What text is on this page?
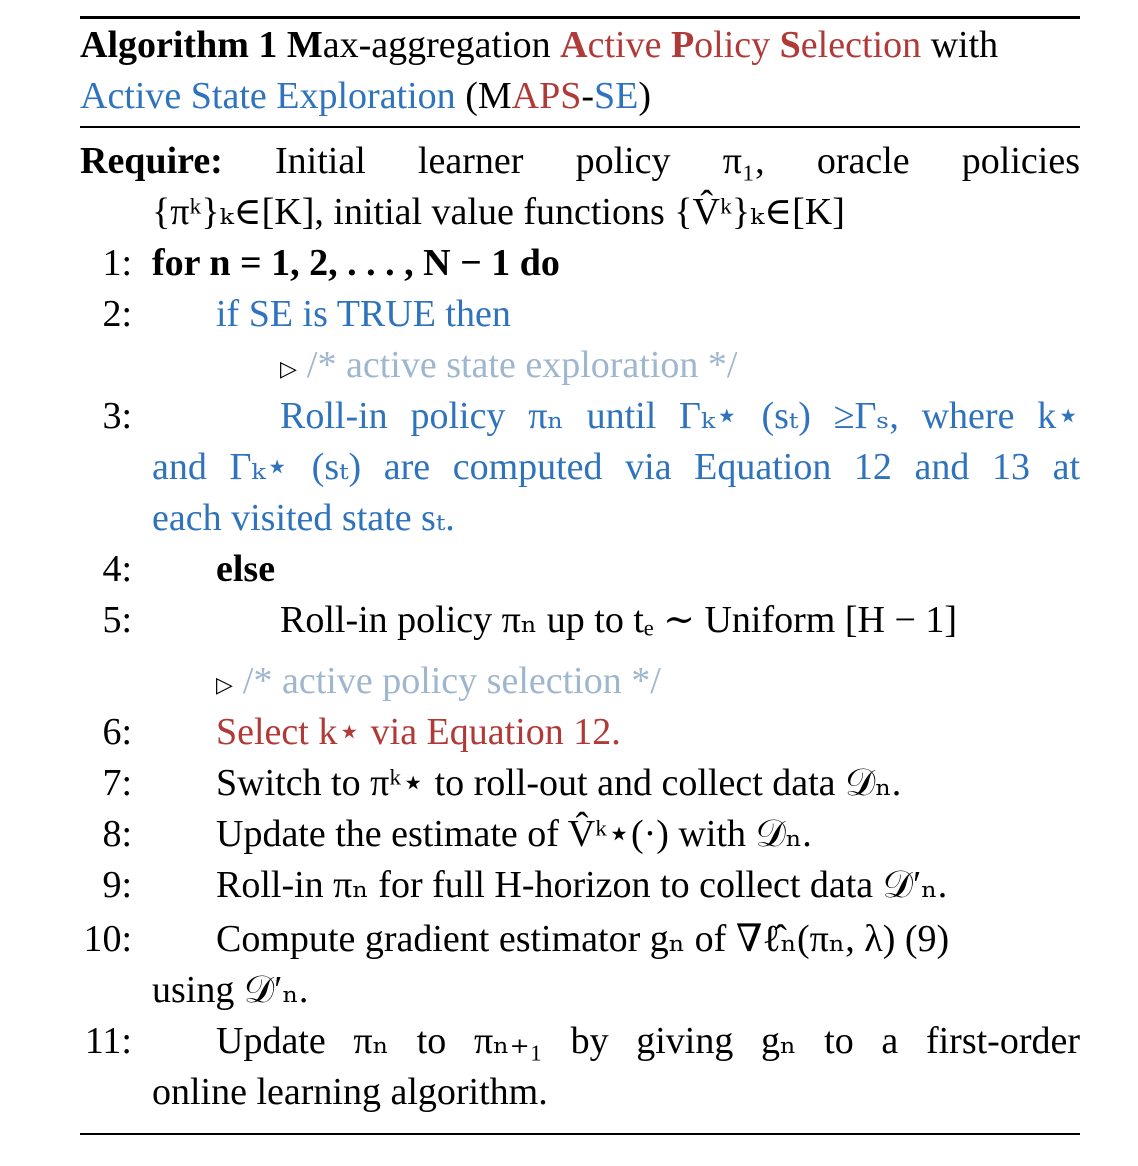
Algorithm 1 Max-aggregation Active Policy Selection with
Active State Exploration (MAPS-SE)
Require: Initial learner policy π₁, oracle policies
{πᵏ}ₖ∈[K], initial value functions {V̂ᵏ}ₖ∈[K]
1: for n = 1, 2, . . . , N − 1 do
2: if SE is TRUE then
▷ /* active state exploration */
3:	Roll-in policy πₙ until Γₖ⋆ (sₜ) ≥Γₛ, where k⋆
and Γₖ⋆ (sₜ) are computed via Equation 12 and 13 at
each visited state sₜ.
4: else
5:	Roll-in policy πₙ up to tₑ ∼ Uniform [H − 1]
▷ /* active policy selection */
6: Select k⋆ via Equation 12.
7: Switch to πᵏ⋆ to roll-out and collect data 𝒟ₙ.
8: Update the estimate of V̂ᵏ⋆(·) with 𝒟ₙ.
9: Roll-in πₙ for full H-horizon to collect data 𝒟′ₙ.
10: Compute gradient estimator gₙ of ∇ℓ̂ₙ(πₙ, λ) (9)
using 𝒟′ₙ.
11: Update πₙ to πₙ₊₁ by giving gₙ to a first-order
online learning algorithm.
